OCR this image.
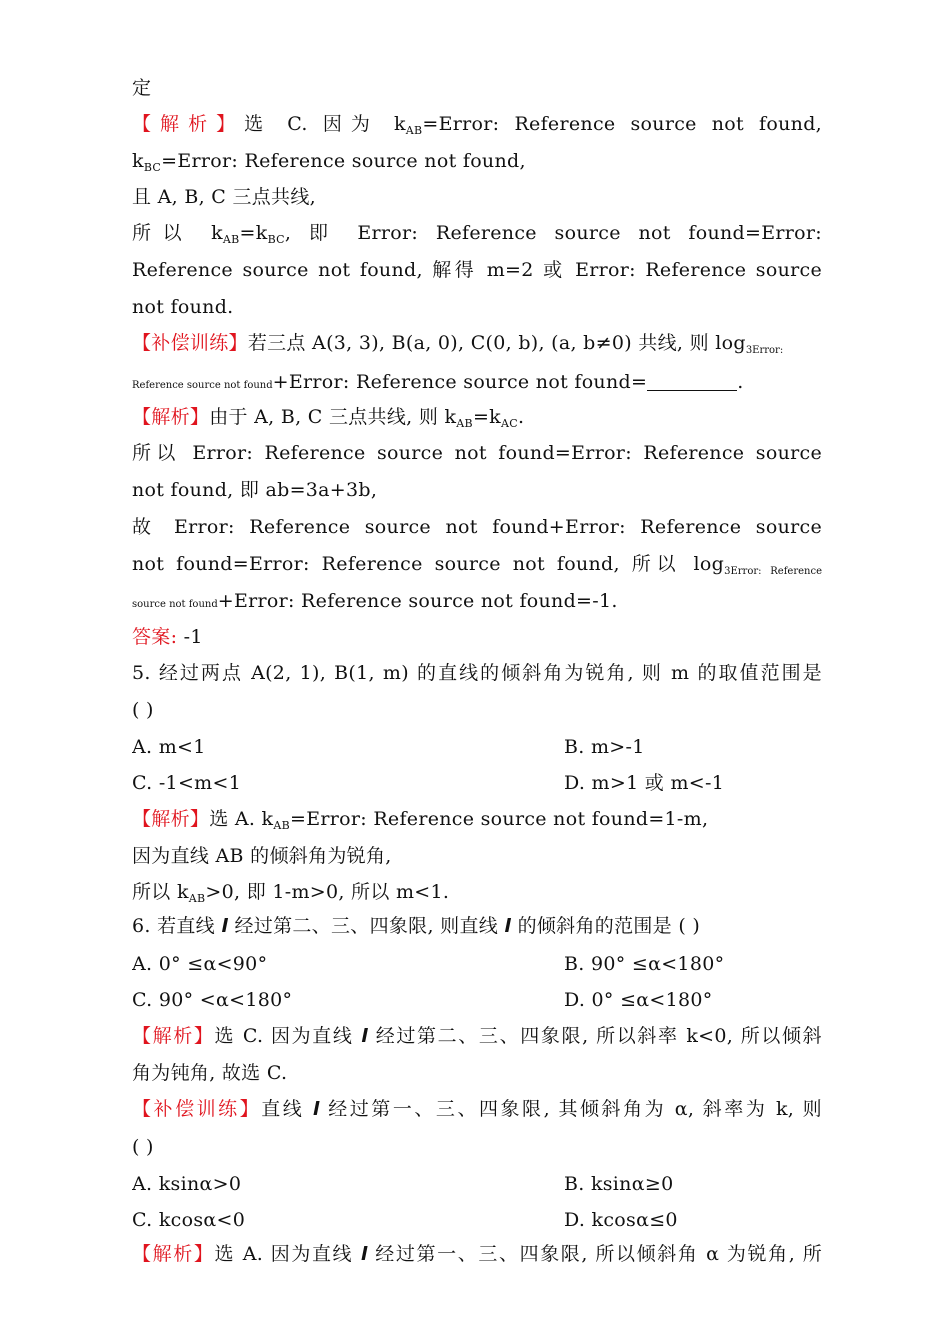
定
【解析】选 C. 因为 $k_{AB}=Error$: Reference source not found,
$k_{BC}=Error$: Reference source not found,
且 A, B, C 三点共线,
所以 $k_{AB}=k_{BC}$, 即 Error: Reference source not found=Error:
Reference source not found, 解得 m=2 或 Error: Reference source
not found.
【补偿训练】若三点 A(3, 3), B(a, 0), C(0, b), (a, b≠0) 共线, 则 $\log_{3Error:}$
Reference source not found+Error: Reference source not found=	.
【解析】由于 A, B, C 三点共线, 则 $k_{AB}=k_{AC}$.
所以 Error: Reference source not found=Error: Reference source
not found, 即 ab=3a+3b,
故 Error: Reference source not found+Error: Reference source
not found=Error: Reference source not found, 所以 $\log_{3Error: Reference}$
source not found+Error: Reference source not found=-1.
答案: -1
5. 经过两点 A(2, 1), B(1, m) 的直线的倾斜角为锐角, 则 m 的取值范围是
( )
A. m<1	B. m>-1
C. -1<m<1	D. m>1 或 m<-1
【解析】选 A. $k_{AB}=Error$: Reference source not found=1-m,
因为直线 AB 的倾斜角为锐角,
所以 $k_{AB}>0$, 即 1-m>0, 所以 m<1.
6. 若直线 l 经过第二、三、四象限, 则直线 l 的倾斜角的范围是 ( )
A. 0° ≤α<90°	B. 90° ≤α<180°
C. 90° <α<180°	D. 0° ≤α<180°
【解析】选 C. 因为直线 l 经过第二、三、四象限, 所以斜率 k<0, 所以倾斜
角为钝角, 故选 C.
【补偿训练】直线 l 经过第一、三、四象限, 其倾斜角为 α, 斜率为 k, 则
( )
A. ksinα>0	B. ksinα≥0
C. kcosα<0	D. kcosα≤0
【解析】选 A. 因为直线 l 经过第一、三、四象限, 所以倾斜角 α 为锐角, 所
